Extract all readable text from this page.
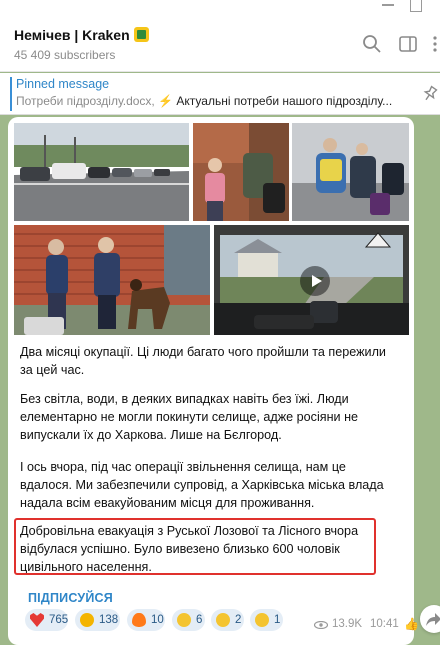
Немічев | Kraken
45 409 subscribers
Pinned message
Потреби підрозділу.docx, ⚡ Актуальні потреби нашого підрозділу...
Два місяці окупації. Ці люди багато чого пройшли та пережили за цей час.
Без світла, води, в деяких випадках навіть без їжі. Люди елементарно не могли покинути селище, адже росіяни не випускали їх до Харкова. Лише на Бєлгород.
І ось вчора, під час операції звільнення селища, нам це вдалося. Ми забезпечили супровід, а Харківська міська влада надала всім евакуйованим місця для проживання.
Добровільна евакуація з Руської Лозової та Лісного вчора відбулася успішно. Було вивезено близько 600 чоловік цивільного населення.
ПІДПИСУЙСЯ
765	138	10	6	2	1	13.9K 10:41 👍
